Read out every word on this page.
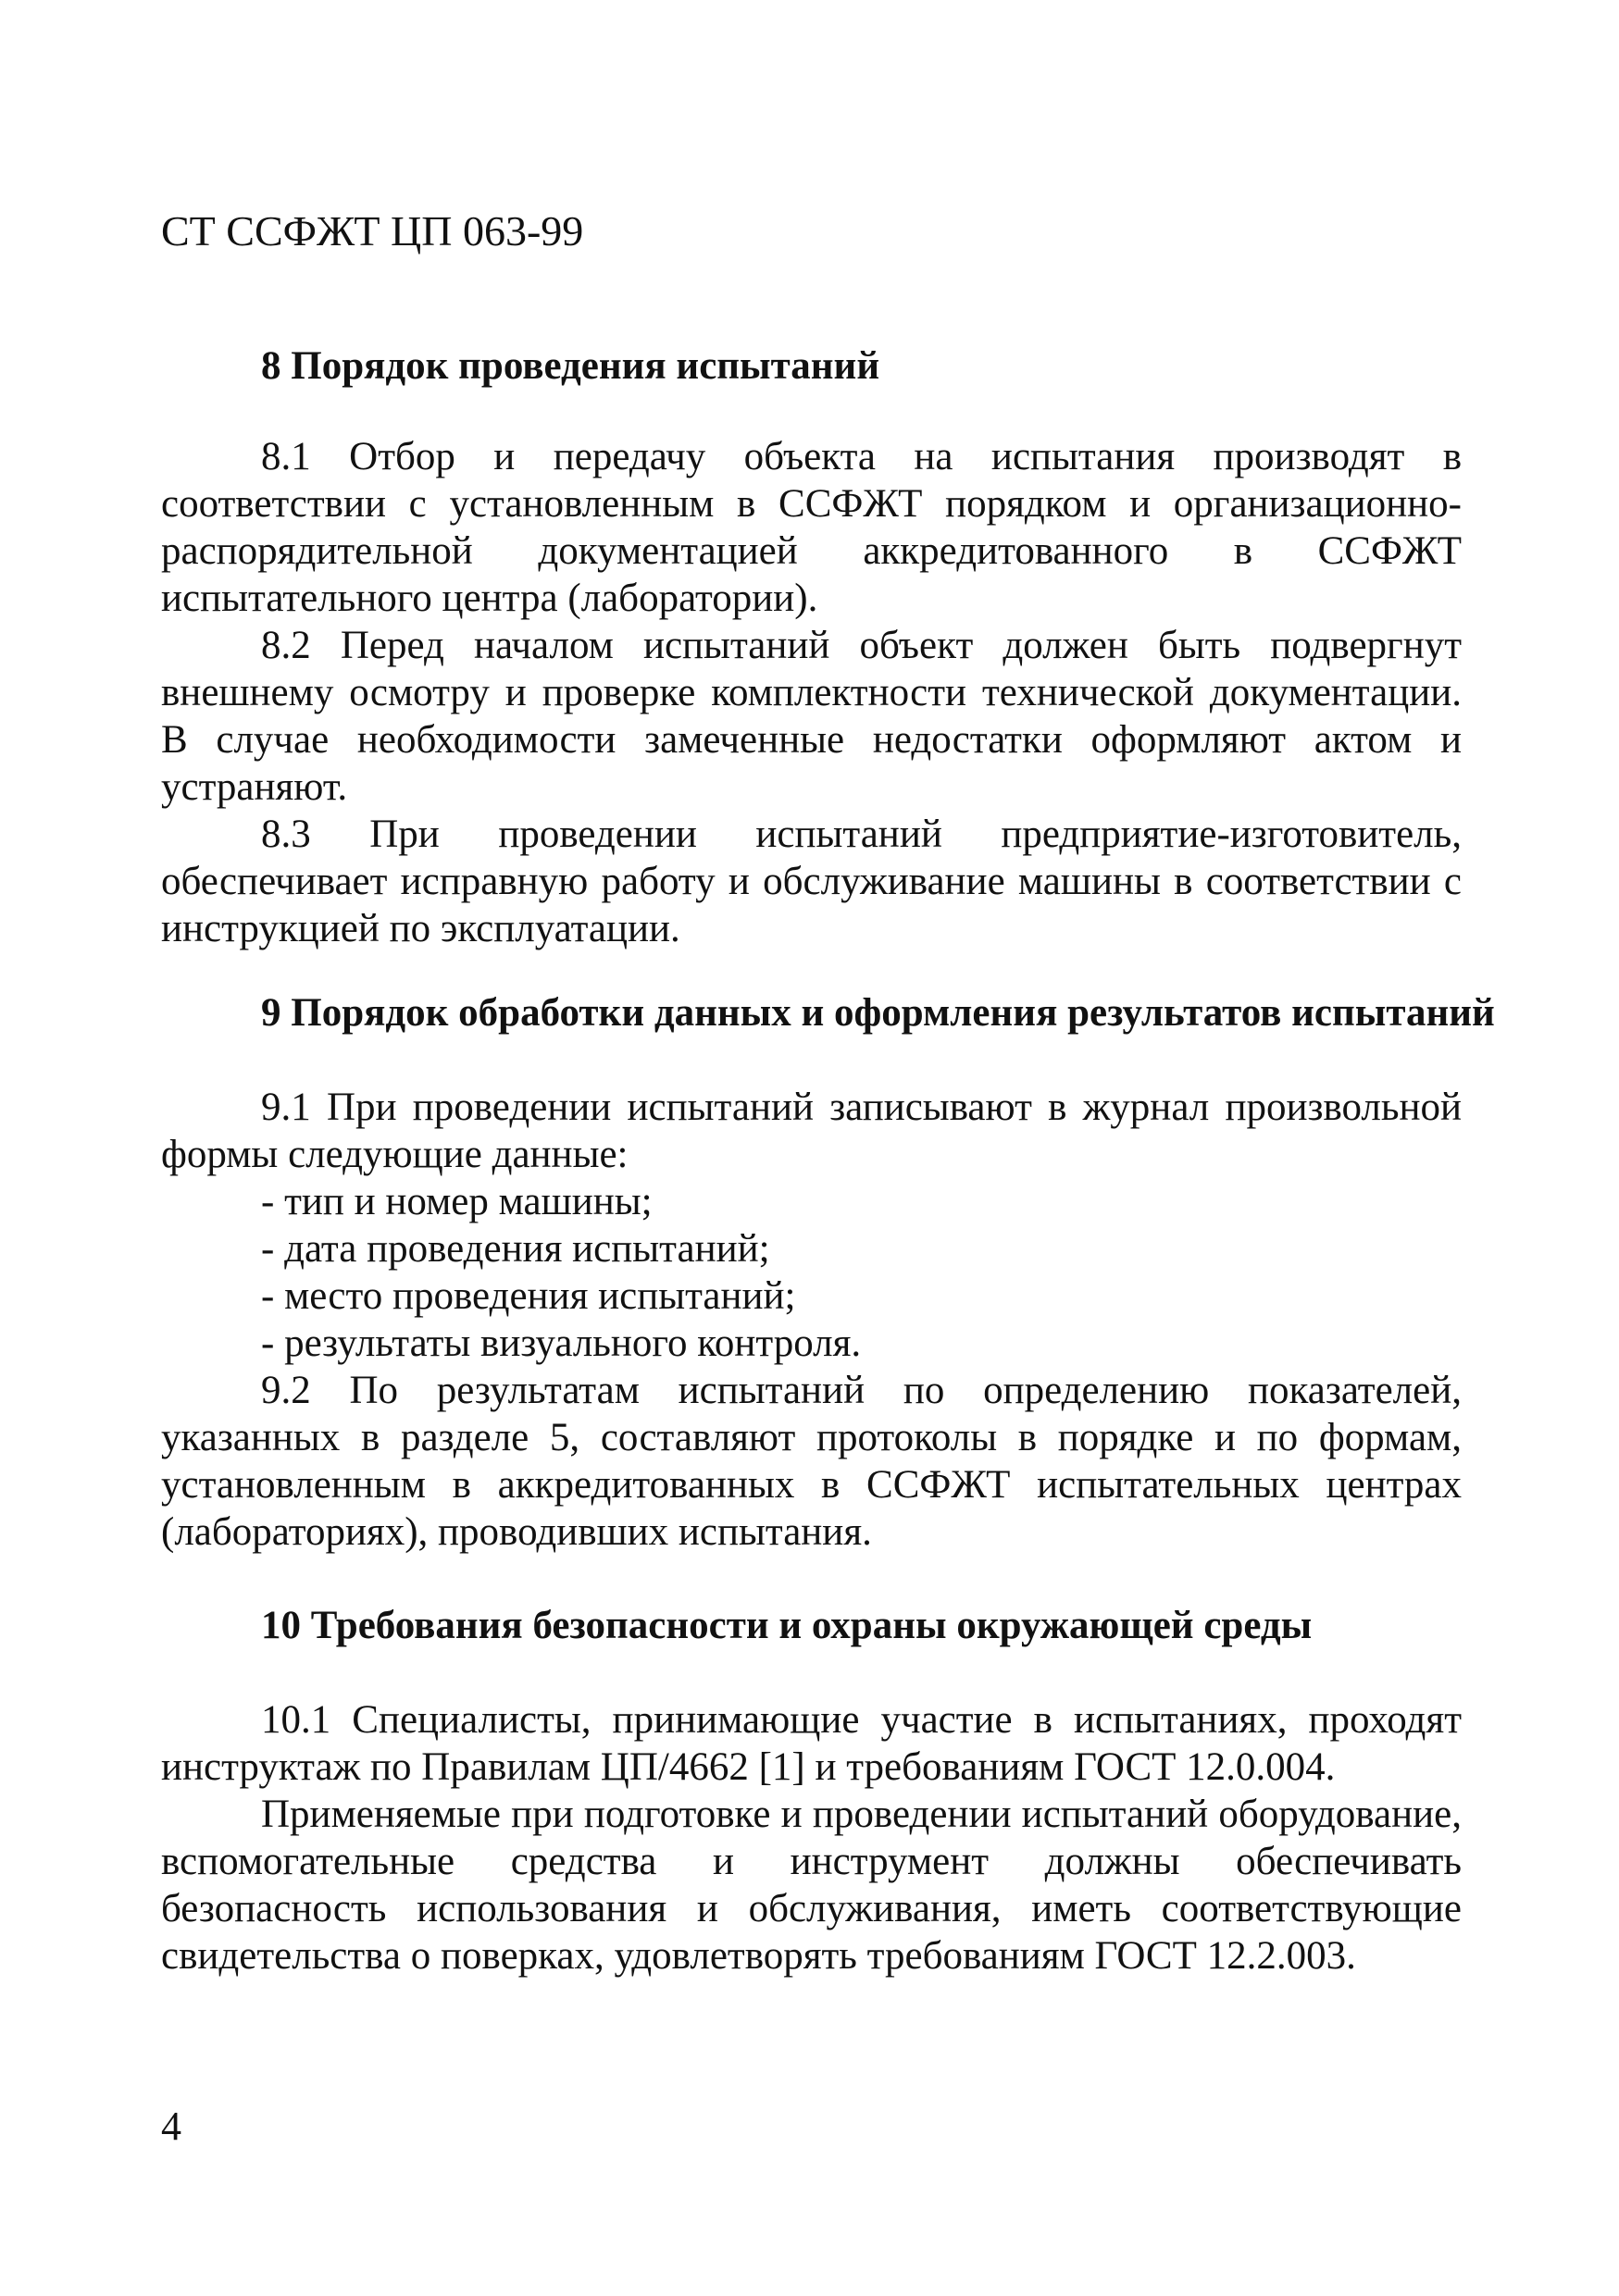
СТ ССФЖТ ЦП 063-99
8 Порядок проведения испытаний

8.1 Отбор и передачу объекта на испытания производят в соответствии с установленным в ССФЖТ порядком и организационно-распорядительной документацией аккредитованного в ССФЖТ испытательного центра (лаборатории).

8.2 Перед началом испытаний объект должен быть подвергнут внешнему осмотру и проверке комплектности технической документации. В случае необходимости замеченные недостатки оформляют актом и устраняют.

8.3 При проведении испытаний предприятие-изготовитель, обеспечивает исправную работу и обслуживание машины в соответствии с инструкцией по эксплуатации.

9 Порядок обработки данных и оформления результатов испытаний

9.1 При проведении испытаний записывают в журнал произвольной формы следующие данные:

- тип и номер машины;
- дата проведения испытаний;
- место проведения испытаний;
- результаты визуального контроля.

9.2 По результатам испытаний по определению показателей, указанных в разделе 5, составляют протоколы в порядке и по формам, установленным в аккредитованных в ССФЖТ испытательных центрах (лабораториях), проводивших испытания.

10 Требования безопасности и охраны окружающей среды

10.1 Специалисты, принимающие участие в испытаниях, проходят инструктаж по Правилам ЦП/4662 [1] и требованиям ГОСТ 12.0.004.

Применяемые при подготовке и проведении испытаний оборудование, вспомогательные средства и инструмент должны обеспечивать безопасность использования и обслуживания, иметь соответствующие свидетельства о поверках, удовлетворять требованиям ГОСТ 12.2.003.

4
